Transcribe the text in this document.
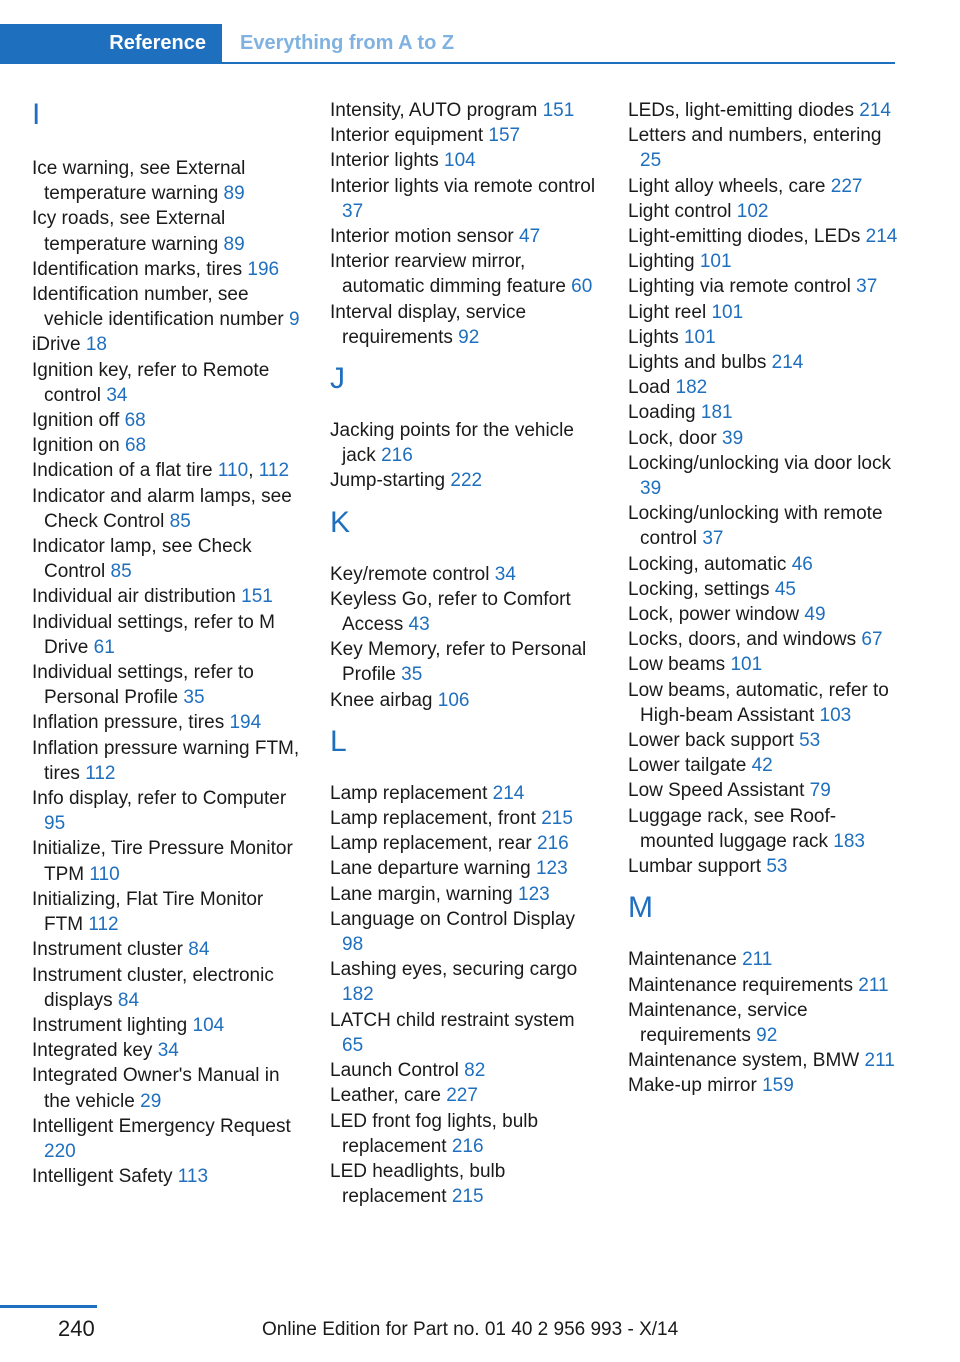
Reference Everything from A to Z
I
Ice warning, see External temperature warning 89
Icy roads, see External temperature warning 89
Identification marks, tires 196
Identification number, see vehicle identification number 9
iDrive 18
Ignition key, refer to Remote control 34
Ignition off 68
Ignition on 68
Indication of a flat tire 110, 112
Indicator and alarm lamps, see Check Control 85
Indicator lamp, see Check Control 85
Individual air distribution 151
Individual settings, refer to M Drive 61
Individual settings, refer to Personal Profile 35
Inflation pressure, tires 194
Inflation pressure warning FTM, tires 112
Info display, refer to Computer 95
Initialize, Tire Pressure Monitor TPM 110
Initializing, Flat Tire Monitor FTM 112
Instrument cluster 84
Instrument cluster, electronic displays 84
Instrument lighting 104
Integrated key 34
Integrated Owner's Manual in the vehicle 29
Intelligent Emergency Request 220
Intelligent Safety 113
Intensity, AUTO program 151
Interior equipment 157
Interior lights 104
Interior lights via remote control 37
Interior motion sensor 47
Interior rearview mirror, automatic dimming feature 60
Interval display, service requirements 92
J
Jacking points for the vehicle jack 216
Jump-starting 222
K
Key/remote control 34
Keyless Go, refer to Comfort Access 43
Key Memory, refer to Personal Profile 35
Knee airbag 106
L
Lamp replacement 214
Lamp replacement, front 215
Lamp replacement, rear 216
Lane departure warning 123
Lane margin, warning 123
Language on Control Display 98
Lashing eyes, securing cargo 182
LATCH child restraint system 65
Launch Control 82
Leather, care 227
LED front fog lights, bulb replacement 216
LED headlights, bulb replacement 215
LEDs, light-emitting diodes 214
Letters and numbers, entering 25
Light alloy wheels, care 227
Light control 102
Light-emitting diodes, LEDs 214
Lighting 101
Lighting via remote control 37
Light reel 101
Lights 101
Lights and bulbs 214
Load 182
Loading 181
Lock, door 39
Locking/unlocking via door lock 39
Locking/unlocking with remote control 37
Locking, automatic 46
Locking, settings 45
Lock, power window 49
Locks, doors, and windows 67
Low beams 101
Low beams, automatic, refer to High-beam Assistant 103
Lower back support 53
Lower tailgate 42
Low Speed Assistant 79
Luggage rack, see Roof-mounted luggage rack 183
Lumbar support 53
M
Maintenance 211
Maintenance requirements 211
Maintenance, service requirements 92
Maintenance system, BMW 211
Make-up mirror 159
240	Online Edition for Part no. 01 40 2 956 993 - X/14
